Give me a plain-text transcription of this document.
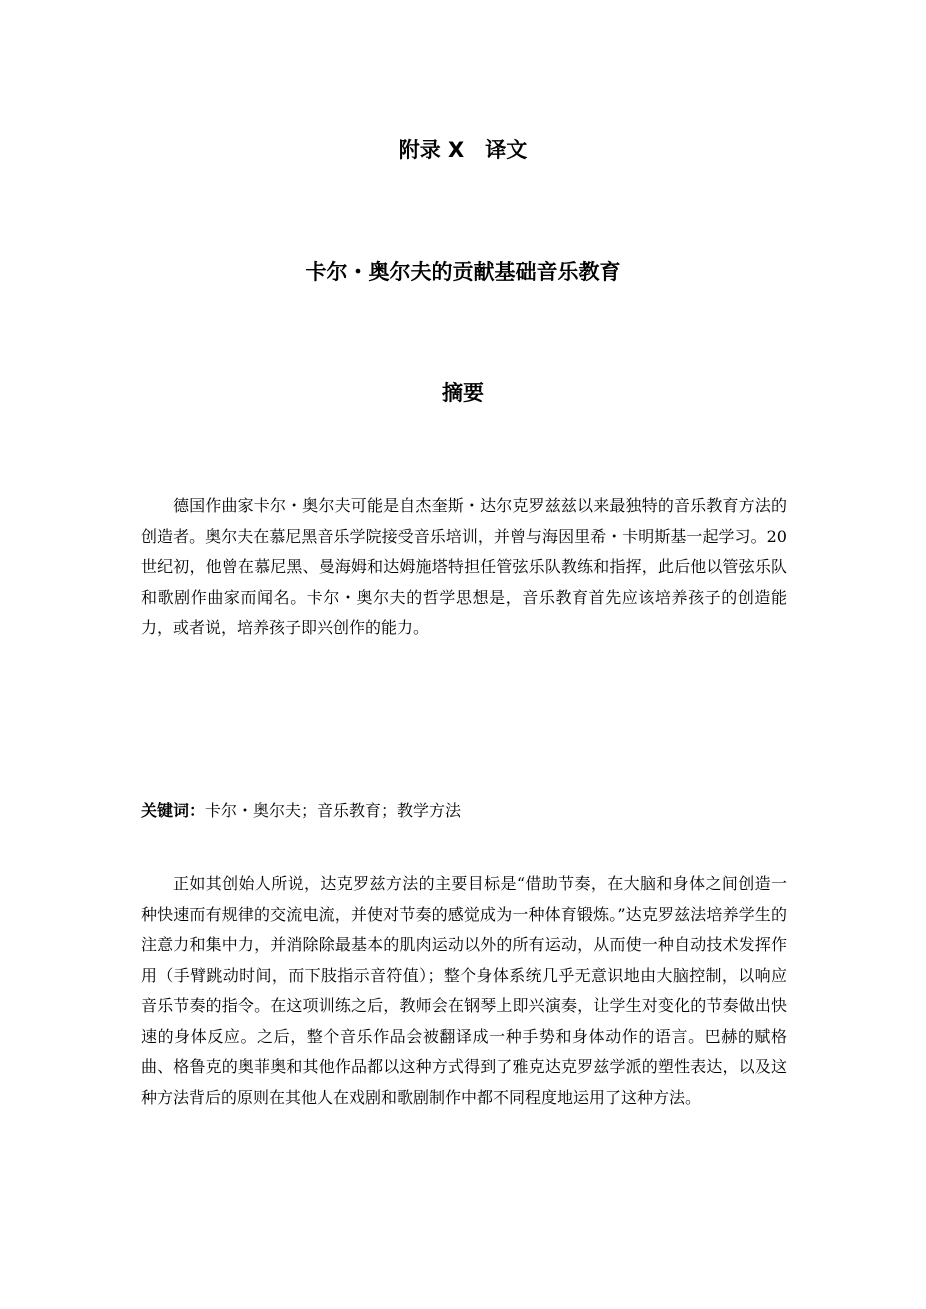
附录 X　译文
卡尔・奥尔夫的贡献基础音乐教育
摘要

德国作曲家卡尔・奥尔夫可能是自杰奎斯・达尔克罗兹兹以来最独特的音乐教育方法的创造者。奥尔夫在慕尼黑音乐学院接受音乐培训，并曾与海因里希・卡明斯基一起学习。20 世纪初，他曾在慕尼黑、曼海姆和达姆施塔特担任管弦乐队教练和指挥，此后他以管弦乐队和歌剧作曲家而闻名。卡尔・奥尔夫的哲学思想是，音乐教育首先应该培养孩子的创造能力，或者说，培养孩子即兴创作的能力。

关键词：卡尔・奥尔夫；音乐教育；教学方法

正如其创始人所说，达克罗兹方法的主要目标是“借助节奏，在大脑和身体之间创造一种快速而有规律的交流电流，并使对节奏的感觉成为一种体育锻炼。”达克罗兹法培养学生的注意力和集中力，并消除除最基本的肌肉运动以外的所有运动，从而使一种自动技术发挥作用（手臂跳动时间，而下肢指示音符值）；整个身体系统几乎无意识地由大脑控制，以响应音乐节奏的指令。在这项训练之后，教师会在钢琴上即兴演奏，让学生对变化的节奏做出快速的身体反应。之后，整个音乐作品会被翻译成一种手势和身体动作的语言。巴赫的赋格曲、格鲁克的奥菲奥和其他作品都以这种方式得到了雅克达克罗兹学派的塑性表达，以及这种方法背后的原则在其他人在戏剧和歌剧制作中都不同程度地运用了这种方法。
